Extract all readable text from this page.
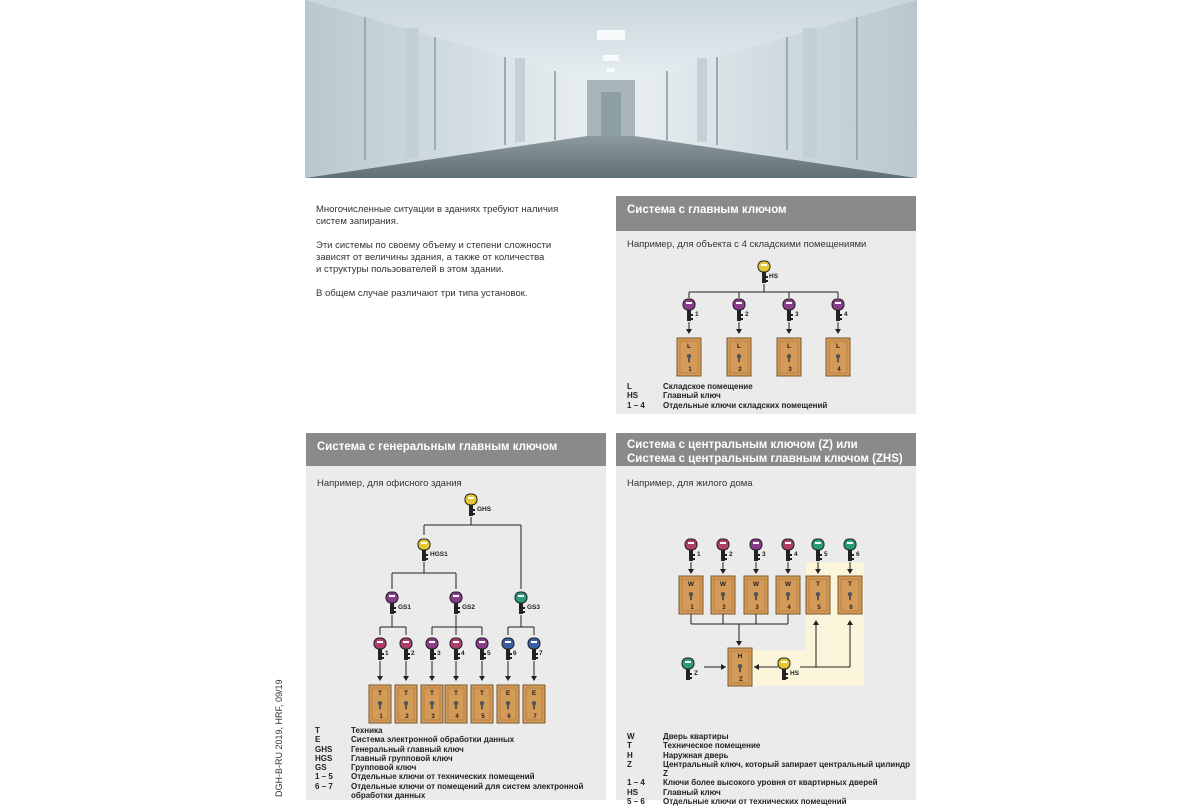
Многочисленные ситуации в зданиях требуют наличия
систем запирания.

Эти системы по своему объему и степени сложности
зависят от величины здания, а также от количества
и структуры пользователей в этом здании.

В общем случае различают три типа установок.

Система с главным ключом
Например, для объекта с 4 складскими помещениями
HS
1
L
1
2
L
2
3
L
3
4
L
4
L	Складское помещение
HS	Главный ключ
1 – 4	Отдельные ключи складских помещений
Система с генеральным главным ключом
Например, для офисного здания
GHS
HGS1
GS1	GS2	GS3
1
T
1
2
T
2
3
T
3
4
T
4
5
T
5
6
E
6
7
E
7
T	Техника
E	Система электронной обработки данных
GHS	Генеральный главный ключ
HGS	Главный групповой ключ
GS	Групповой ключ
1 – 5	Отдельные ключи от технических помещений
6 – 7	Отдельные ключи от помещений для систем электронной обработки данных
Система с центральным ключом (Z) или
Система с центральным главным ключом (ZHS)
Например, для жилого дома
1
W
1
2
W
2
3
W
3
4
W
4
5
T
5
6
T
6
H
Z
Z	HS
W	Дверь квартиры
T	Техническое помещение
H	Наружная дверь
Z	Центральный ключ, который запирает центральный цилиндр Z
1 – 4	Ключи более высокого уровня от квартирных дверей
HS	Главный ключ
5 – 6	Отдельные ключи от технических помещений
DGH-B-RU 2019, HRF, 09/19
